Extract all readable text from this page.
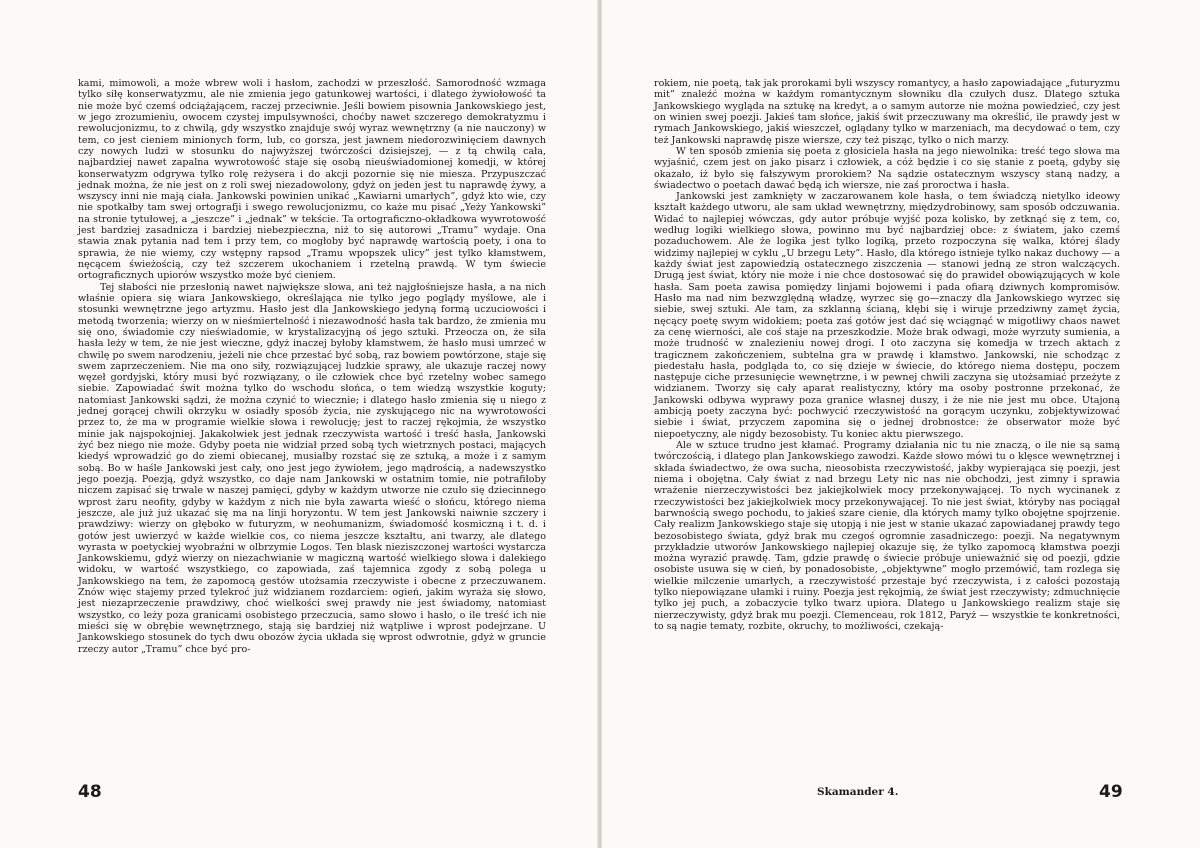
kami, mimowoli, a może wbrew woli i hasłom, zachodzi w przeszłość. Samorodność wzmaga tylko siłę konserwatyzmu, ale nie zmienia jego gatunkowej wartości, i dlatego żywiołowość ta nie może być czemś odciążającem, raczej przeciwnie. Jeśli bowiem pisownia Jankowskiego jest, w jego zrozumieniu, owocem czystej impulsywności, choćby nawet szczerego demokratyzmu i rewolucjonizmu, to z chwilą, gdy wszystko znajduje swój wyraz wewnętrzny (a nie nauczony) w tem, co jest cieniem minionych form, lub, co gorsza, jest jawnem niedorozwinięciem dawnych czy nowych ludzi w stosunku do najwyższej twórczości dzisiejszej, — z tą chwilą cała, najbardziej nawet zapalna wywrotowość staje się osobą nieuświadomionej komedji, w której konserwatyzm odgrywa tylko rolę reżysera i do akcji pozornie się nie miesza. Przypuszczać jednak można, że nie jest on z roli swej niezadowolony, gdyż on jeden jest tu naprawdę żywy, a wszyscy inni nie mają ciała. Jankowski powinien unikać „Kawiarni umarłych”, gdyż kto wie, czy nie spotkałby tam swej ortografji i swego rewolucjonizmu, co każe mu pisać „Yeży Yankowski” na stronie tytułowej, a „jeszcze” i „jednak” w tekście. Ta ortograficzno-okładkowa wywrotowość jest bardziej zasadnicza i bardziej niebezpieczna, niż to się autorowi „Tramu” wydaje. Ona stawia znak pytania nad tem i przy tem, co mogłoby być naprawdę wartością poety, i ona to sprawia, że nie wiemy, czy wstępny rapsod „Tramu wpopszek ulicy” jest tylko kłamstwem, nęcącem świeżością, czy też szczerem ukochaniem i rzetelną prawdą. W tym świecie ortograficznych upiorów wszystko może być cieniem.

Tej słabości nie przesłonią nawet największe słowa, ani też najgłośniejsze hasła, a na nich właśnie opiera się wiara Jankowskiego, określająca nie tylko jego poglądy myślowe, ale i stosunki wewnętrzne jego artyzmu. Hasło jest dla Jankowskiego jedyną formą uczuciowości i metodą tworzenia; wierzy on w nieśmiertelność i niezawodność hasła tak bardzo, że zmienia mu się ono, świadomie czy nieświadomie, w krystalizacyjną oś jego sztuki. Przeocza on, że siła hasła leży w tem, że nie jest wieczne, gdyż inaczej byłoby kłamstwem, że hasło musi umrzeć w chwilę po swem narodzeniu, jeżeli nie chce przestać być sobą, raz bowiem powtórzone, staje się swem zaprzeczeniem. Nie ma ono siły, rozwiązującej ludzkie sprawy, ale ukazuje raczej nowy węzeł gordyjski, który musi być rozwiązany, o ile człowiek chce być rzetelny wobec samego siebie. Zapowiadać świt można tylko do wschodu słońca, o tem wiedzą wszystkie koguty; natomiast Jankowski sądzi, że można czynić to wiecznie; i dlatego hasło zmienia się u niego z jednej gorącej chwili okrzyku w osiadły sposób życia, nie zyskującego nic na wywrotowości przez to, że ma w programie wielkie słowa i rewolucję; jest to raczej rękojmia, że wszystko minie jak najspokojniej. Jakakolwiek jest jednak rzeczywista wartość i treść hasła, Jankowski żyć bez niego nie może. Gdyby poeta nie widział przed sobą tych wietrznych postaci, mających kiedyś wprowadzić go do ziemi obiecanej, musiałby rozstać się ze sztuką, a może i z samym sobą. Bo w haśle Jankowski jest cały, ono jest jego żywiołem, jego mądrością, a nadewszystko jego poezją. Poezją, gdyż wszystko, co daje nam Jankowski w ostatnim tomie, nie potrafiłoby niczem zapisać się trwale w naszej pamięci, gdyby w każdym utworze nie czuło się dziecinnego wprost żaru neofity, gdyby w każdym z nich nie była zawarta wieść o słońcu, którego niema jeszcze, ale już już ukazać się ma na linji horyzontu. W tem jest Jankowski naiwnie szczery i prawdziwy: wierzy on głęboko w futuryzm, w neohumanizm, świadomość kosmiczną i t. d. i gotów jest uwierzyć w każde wielkie cos, co niema jeszcze kształtu, ani twarzy, ale dlatego wyrasta w poetyckiej wyobraźni w olbrzymie Logos. Ten blask nieziszczonej wartości wystarcza Jankowskiemu, gdyż wierzy on niezachwianie w magiczną wartość wielkiego słowa i dalekiego widoku, w wartość wszystkiego, co zapowiada, zaś tajemnica zgody z sobą polega u Jankowskiego na tem, że zapomocą gestów utożsamia rzeczywiste i obecne z przeczuwanem. Znów więc stajemy przed tylekroć już widzianem rozdarciem: ogień, jakim wyraża się słowo, jest niezaprzeczenie prawdziwy, choć wielkości swej prawdy nie jest świadomy, natomiast wszystko, co leży poza granicami osobistego przeczucia, samo słowo i hasło, o ile treść ich nie mieści się w obrębie wewnętrznego, stają się bardziej niż wątpliwe i wprost podejrzane. U Jankowskiego stosunek do tych dwu obozów życia układa się wprost odwrotnie, gdyż w gruncie rzeczy autor „Tramu” chce być pro-

48

rokiem, nie poetą, tak jak prorokami byli wszyscy romantycy, a hasło zapowiadające „futuryzmu mit” znaleźć można w każdym romantycznym słowniku dla czułych dusz. Dlatego sztuka Jankowskiego wygląda na sztukę na kredyt, a o samym autorze nie można powiedzieć, czy jest on winien swej poezji. Jakieś tam słońce, jakiś świt przeczuwany ma określić, ile prawdy jest w rymach Jankowskiego, jakiś wieszczeł, oglądany tylko w marzeniach, ma decydować o tem, czy też Jankowski naprawdę pisze wiersze, czy też pisząc, tylko o nich marzy.

W ten sposób zmienia się poeta z głosiciela hasła na jego niewolnika: treść tego słowa ma wyjaśnić, czem jest on jako pisarz i człowiek, a cóż będzie i co się stanie z poetą, gdyby się okazało, iż było się fałszywym prorokiem? Na sądzie ostatecznym wszyscy staną nadzy, a świadectwo o poetach dawać będą ich wiersze, nie zaś proroctwa i hasła.

Jankowski jest zamknięty w zaczarowanem kole hasła, o tem świadczą nietylko ideowy kształt każdego utworu, ale sam układ wewnętrzny, międzydrobinowy, sam sposób odczuwania. Widać to najlepiej wówczas, gdy autor próbuje wyjść poza kolisko, by zetknąć się z tem, co, według logiki wielkiego słowa, powinno mu być najbardziej obce: z światem, jako czemś pozaduchowem. Ale że logika jest tylko logiką, przeto rozpoczyna się walka, której ślady widzimy najlepiej w cyklu „U brzegu Lety”. Hasło, dla którego istnieje tylko nakaz duchowy — a każdy świat jest zapowiedzią ostatecznego ziszczenia — stanowi jedną ze stron walczących. Drugą jest świat, który nie może i nie chce dostosować się do prawideł obowiązujących w kole hasła. Sam poeta zawisa pomiędzy linjami bojowemi i pada ofiarą dziwnych kompromisów. Hasło ma nad nim bezwzględną władzę, wyrzec się go—znaczy dla Jankowskiego wyrzec się siebie, swej sztuki. Ale tam, za szklanną ścianą, kłębi się i wiruje przedziwny zamęt życia, nęcący poetę swym widokiem; poeta zaś gotów jest dać się wciągnąć w migotliwy chaos nawet za cenę wierności, ale coś staje na przeszkodzie. Może brak odwagi, może wyrzuty sumienia, a może trudność w znalezieniu nowej drogi. I oto zaczyna się komedja w trzech aktach z tragicznem zakończeniem, subtelna gra w prawdę i kłamstwo. Jankowski, nie schodząc z piedestału hasła, podgląda to, co się dzieje w świecie, do którego niema dostępu, poczem następuje ciche przesunięcie wewnętrzne, i w pewnej chwili zaczyna się utożsamiać przeżyte z widzianem. Tworzy się cały aparat realistyczny, który ma osoby postronne przekonać, że Jankowski odbywa wyprawy poza granice własnej duszy, i że nie nie jest mu obce. Utajoną ambicją poety zaczyna być: pochwycić rzeczywistość na gorącym uczynku, zobjektywizować siebie i świat, przyczem zapomina się o jednej drobnostce: że obserwator może być niepoetyczny, ale nigdy bezosobisty. Tu koniec aktu pierwszego.

Ale w sztuce trudno jest kłamać. Programy działania nic tu nie znaczą, o ile nie są samą twórczością, i dlatego plan Jankowskiego zawodzi. Każde słowo mówi tu o klęsce wewnętrznej i składa świadectwo, że owa sucha, nieosobista rzeczywistość, jakby wypierająca się poezji, jest niema i obojętna. Cały świat z nad brzegu Lety nic nas nie obchodzi, jest zimny i sprawia wrażenie nierzeczywistości bez jakiejkolwiek mocy przekonywającej. To nych wycinanek z rzeczywistości bez jakiejkolwiek mocy przekonywającej. To nie jest świat, któryby nas pociągał barwnością swego pochodu, to jakieś szare cienie, dla których mamy tylko obojętne spojrzenie. Cały realizm Jankowskiego staje się utopją i nie jest w stanie ukazać zapowiadanej prawdy tego bezosobistego świata, gdyż brak mu czegoś ogromnie zasadniczego: poezji. Na negatywnym przykładzie utworów Jankowskiego najlepiej okazuje się, że tylko zapomocą kłamstwa poezji można wyrazić prawdę. Tam, gdzie prawdę o świecie próbuje unieważnić się od poezji, gdzie osobiste usuwa się w cień, by ponadosobiste, „objektywne” mogło przemówić, tam rozlega się wielkie milczenie umarłych, a rzeczywistość przestaje być rzeczywista, i z całości pozostają tylko niepowiązane ułamki i ruiny. Poezja jest rękojmią, że świat jest rzeczywisty; zdmuchnięcie tylko jej puch, a zobaczycie tylko twarz upiora. Dlatego u Jankowskiego realizm staje się nierzeczywisty, gdyż brak mu poezji. Clemenceau, rok 1812, Paryż — wszystkie te konkretności, to są nagie tematy, rozbite, okruchy, to możliwości, czekają-

Skamander 4.	49
